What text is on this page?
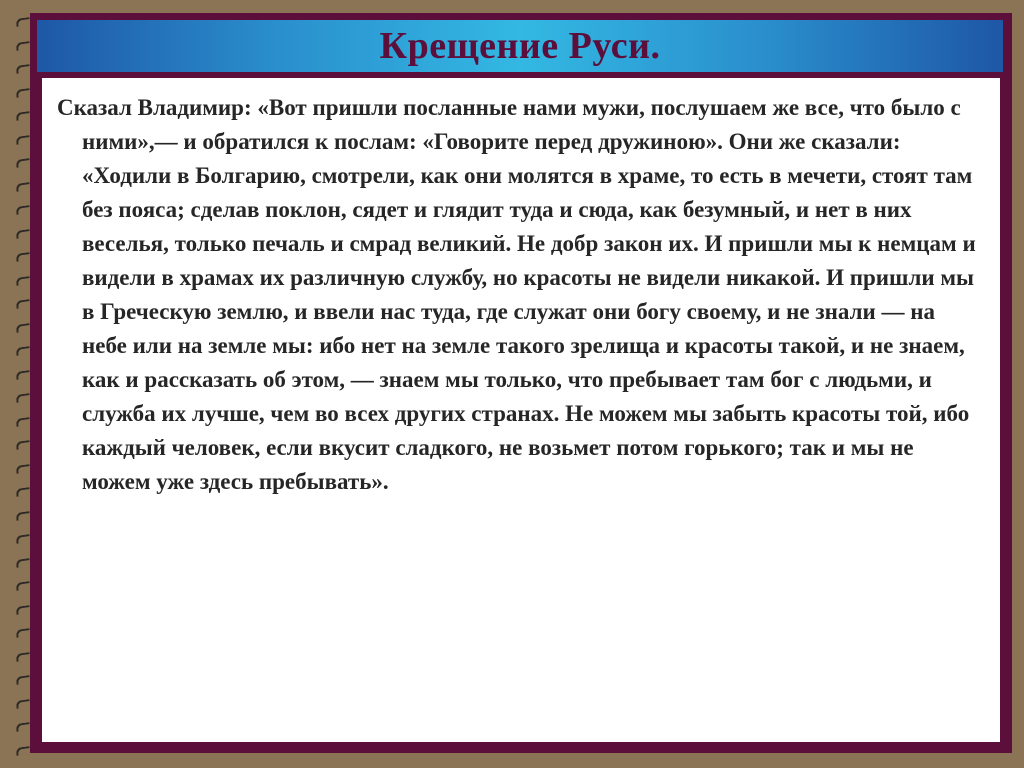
Крещение Руси.

Сказал Владимир: «Вот пришли посланные нами мужи, послушаем же все, что было с ними»,— и обратился к послам: «Говорите перед дружиною». Они же сказали: «Ходили в Болгарию, смотрели, как они молятся в храме, то есть в мечети, стоят там без пояса; сделав поклон, сядет и глядит туда и сюда, как безумный, и нет в них веселья, только печаль и смрад великий. Не добр закон их. И пришли мы к немцам и видели в храмах их различную службу, но красоты не видели никакой. И пришли мы в Греческую землю, и ввели нас туда, где служат они богу своему, и не знали — на небе или на земле мы: ибо нет на земле такого зрелища и красоты такой, и не знаем, как и рассказать об этом, — знаем мы только, что пребывает там бог с людьми, и служба их лучше, чем во всех других странах. Не можем мы забыть красоты той, ибо каждый человек, если вкусит сладкого, не возьмет потом горького; так и мы не можем уже здесь пребывать».
